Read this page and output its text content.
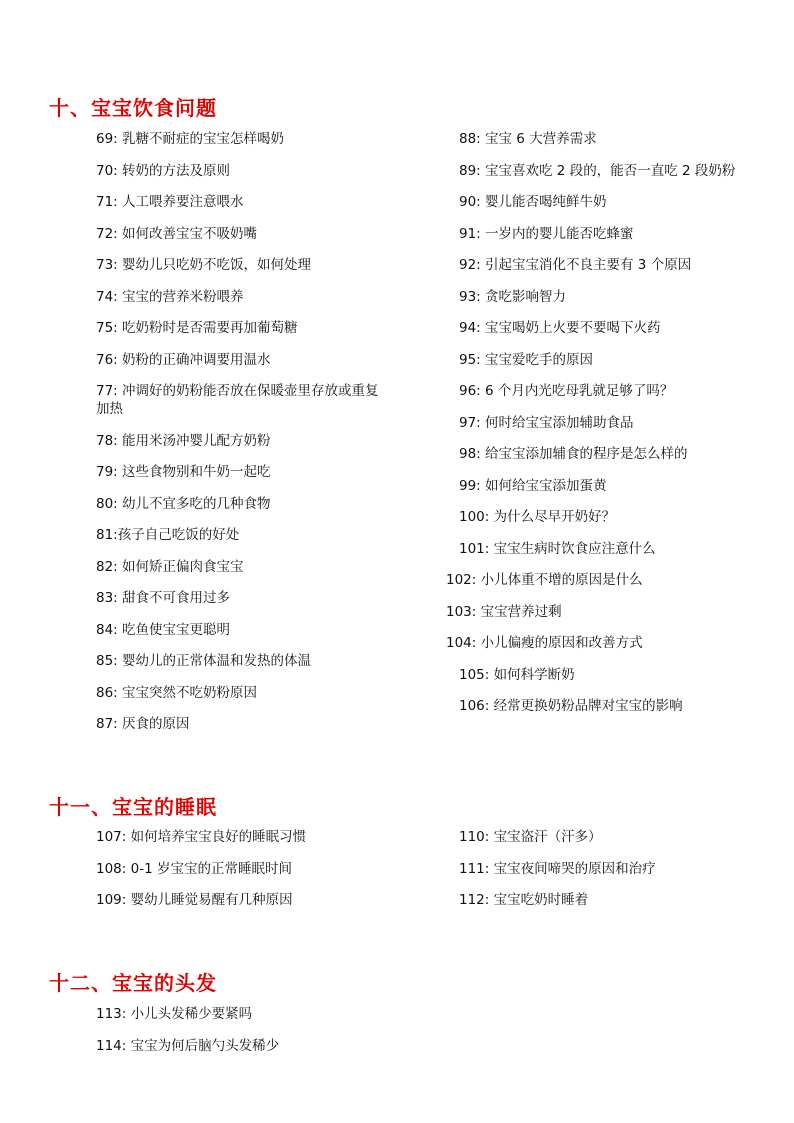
十、宝宝饮食问题
69: 乳糖不耐症的宝宝怎样喝奶
70: 转奶的方法及原则
71: 人工喂养要注意喂水
72: 如何改善宝宝不吸奶嘴
73: 婴幼儿只吃奶不吃饭，如何处理
74: 宝宝的营养米粉喂养
75: 吃奶粉时是否需要再加葡萄糖
76: 奶粉的正确冲调要用温水
77: 冲调好的奶粉能否放在保暖壶里存放或重复加热
78: 能用米汤冲婴儿配方奶粉
79: 这些食物别和牛奶一起吃
80: 幼儿不宜多吃的几种食物
81:孩子自己吃饭的好处
82: 如何矫正偏肉食宝宝
83: 甜食不可食用过多
84: 吃鱼使宝宝更聪明
85: 婴幼儿的正常体温和发热的体温
86: 宝宝突然不吃奶粉原因
87: 厌食的原因
88: 宝宝 6 大营养需求
89: 宝宝喜欢吃 2 段的，能否一直吃 2 段奶粉
90: 婴儿能否喝纯鲜牛奶
91: 一岁内的婴儿能否吃蜂蜜
92: 引起宝宝消化不良主要有 3 个原因
93: 贪吃影响智力
94: 宝宝喝奶上火要不要喝下火药
95: 宝宝爱吃手的原因
96: 6 个月内光吃母乳就足够了吗？
97: 何时给宝宝添加辅助食品
98: 给宝宝添加辅食的程序是怎么样的
99: 如何给宝宝添加蛋黄
100: 为什么尽早开奶好？
101: 宝宝生病时饮食应注意什么
102: 小儿体重不增的原因是什么
103: 宝宝营养过剩
104: 小儿偏瘦的原因和改善方式
105: 如何科学断奶
106: 经常更换奶粉品牌对宝宝的影响
十一、宝宝的睡眠
107: 如何培养宝宝良好的睡眠习惯
108: 0-1 岁宝宝的正常睡眠时间
109: 婴幼儿睡觉易醒有几种原因
110: 宝宝盗汗（汗多）
111: 宝宝夜间啼哭的原因和治疗
112: 宝宝吃奶时睡着
十二、宝宝的头发
113: 小儿头发稀少要紧吗
114: 宝宝为何后脑勺头发稀少
